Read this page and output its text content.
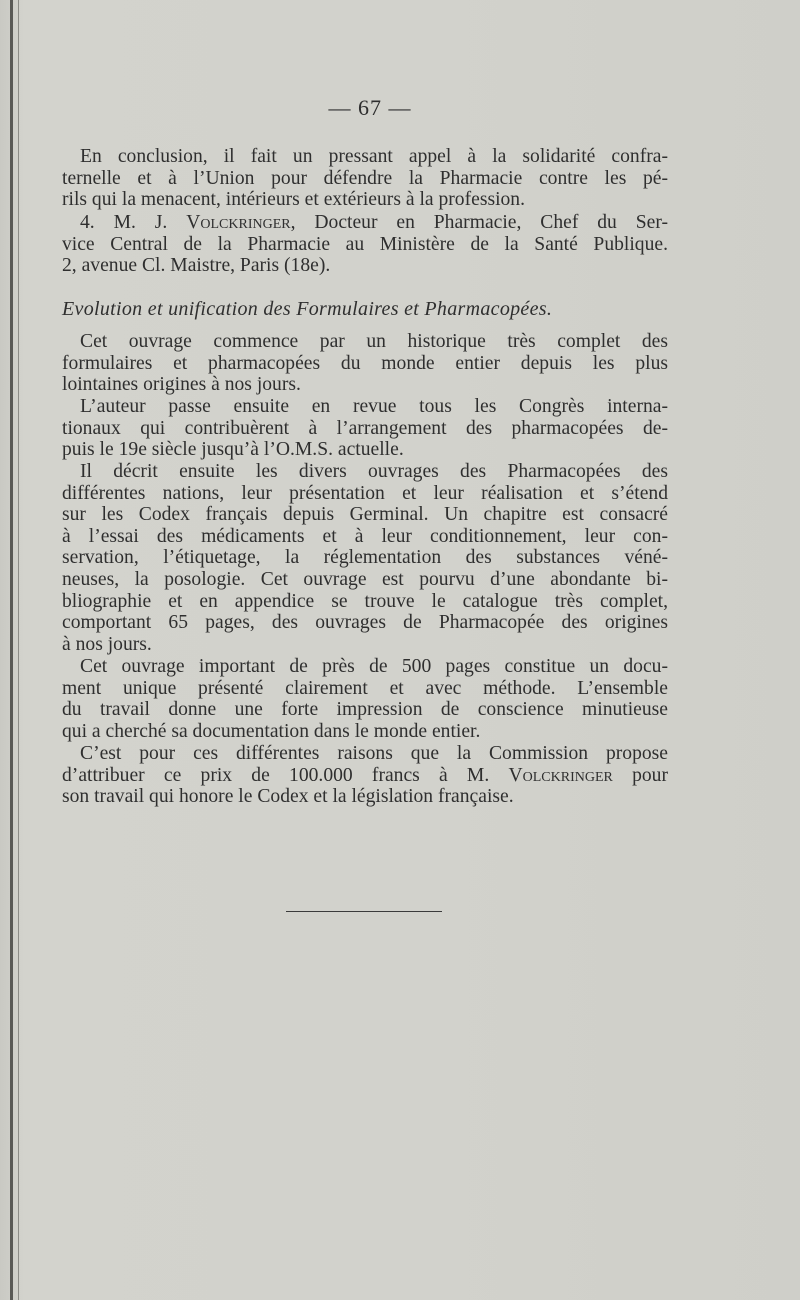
— 67 —
En conclusion, il fait un pressant appel à la solidarité confra-
ternelle et à l’Union pour défendre la Pharmacie contre les pé-
rils qui la menacent, intérieurs et extérieurs à la profession.
4. M. J. Volckringer, Docteur en Pharmacie, Chef du Ser-
vice Central de la Pharmacie au Ministère de la Santé Publique.
2, avenue Cl. Maistre, Paris (18e).
Evolution et unification des Formulaires et Pharmacopées.
Cet ouvrage commence par un historique très complet des
formulaires et pharmacopées du monde entier depuis les plus
lointaines origines à nos jours.
L’auteur passe ensuite en revue tous les Congrès interna-
tionaux qui contribuèrent à l’arrangement des pharmacopées de-
puis le 19e siècle jusqu’à l’O.M.S. actuelle.
Il décrit ensuite les divers ouvrages des Pharmacopées des
différentes nations, leur présentation et leur réalisation et s’étend
sur les Codex français depuis Germinal. Un chapitre est consacré
à l’essai des médicaments et à leur conditionnement, leur con-
servation, l’étiquetage, la réglementation des substances véné-
neuses, la posologie. Cet ouvrage est pourvu d’une abondante bi-
bliographie et en appendice se trouve le catalogue très complet,
comportant 65 pages, des ouvrages de Pharmacopée des origines
à nos jours.
Cet ouvrage important de près de 500 pages constitue un docu-
ment unique présenté clairement et avec méthode. L’ensemble
du travail donne une forte impression de conscience minutieuse
qui a cherché sa documentation dans le monde entier.
C’est pour ces différentes raisons que la Commission propose
d’attribuer ce prix de 100.000 francs à M. Volckringer pour
son travail qui honore le Codex et la législation française.
